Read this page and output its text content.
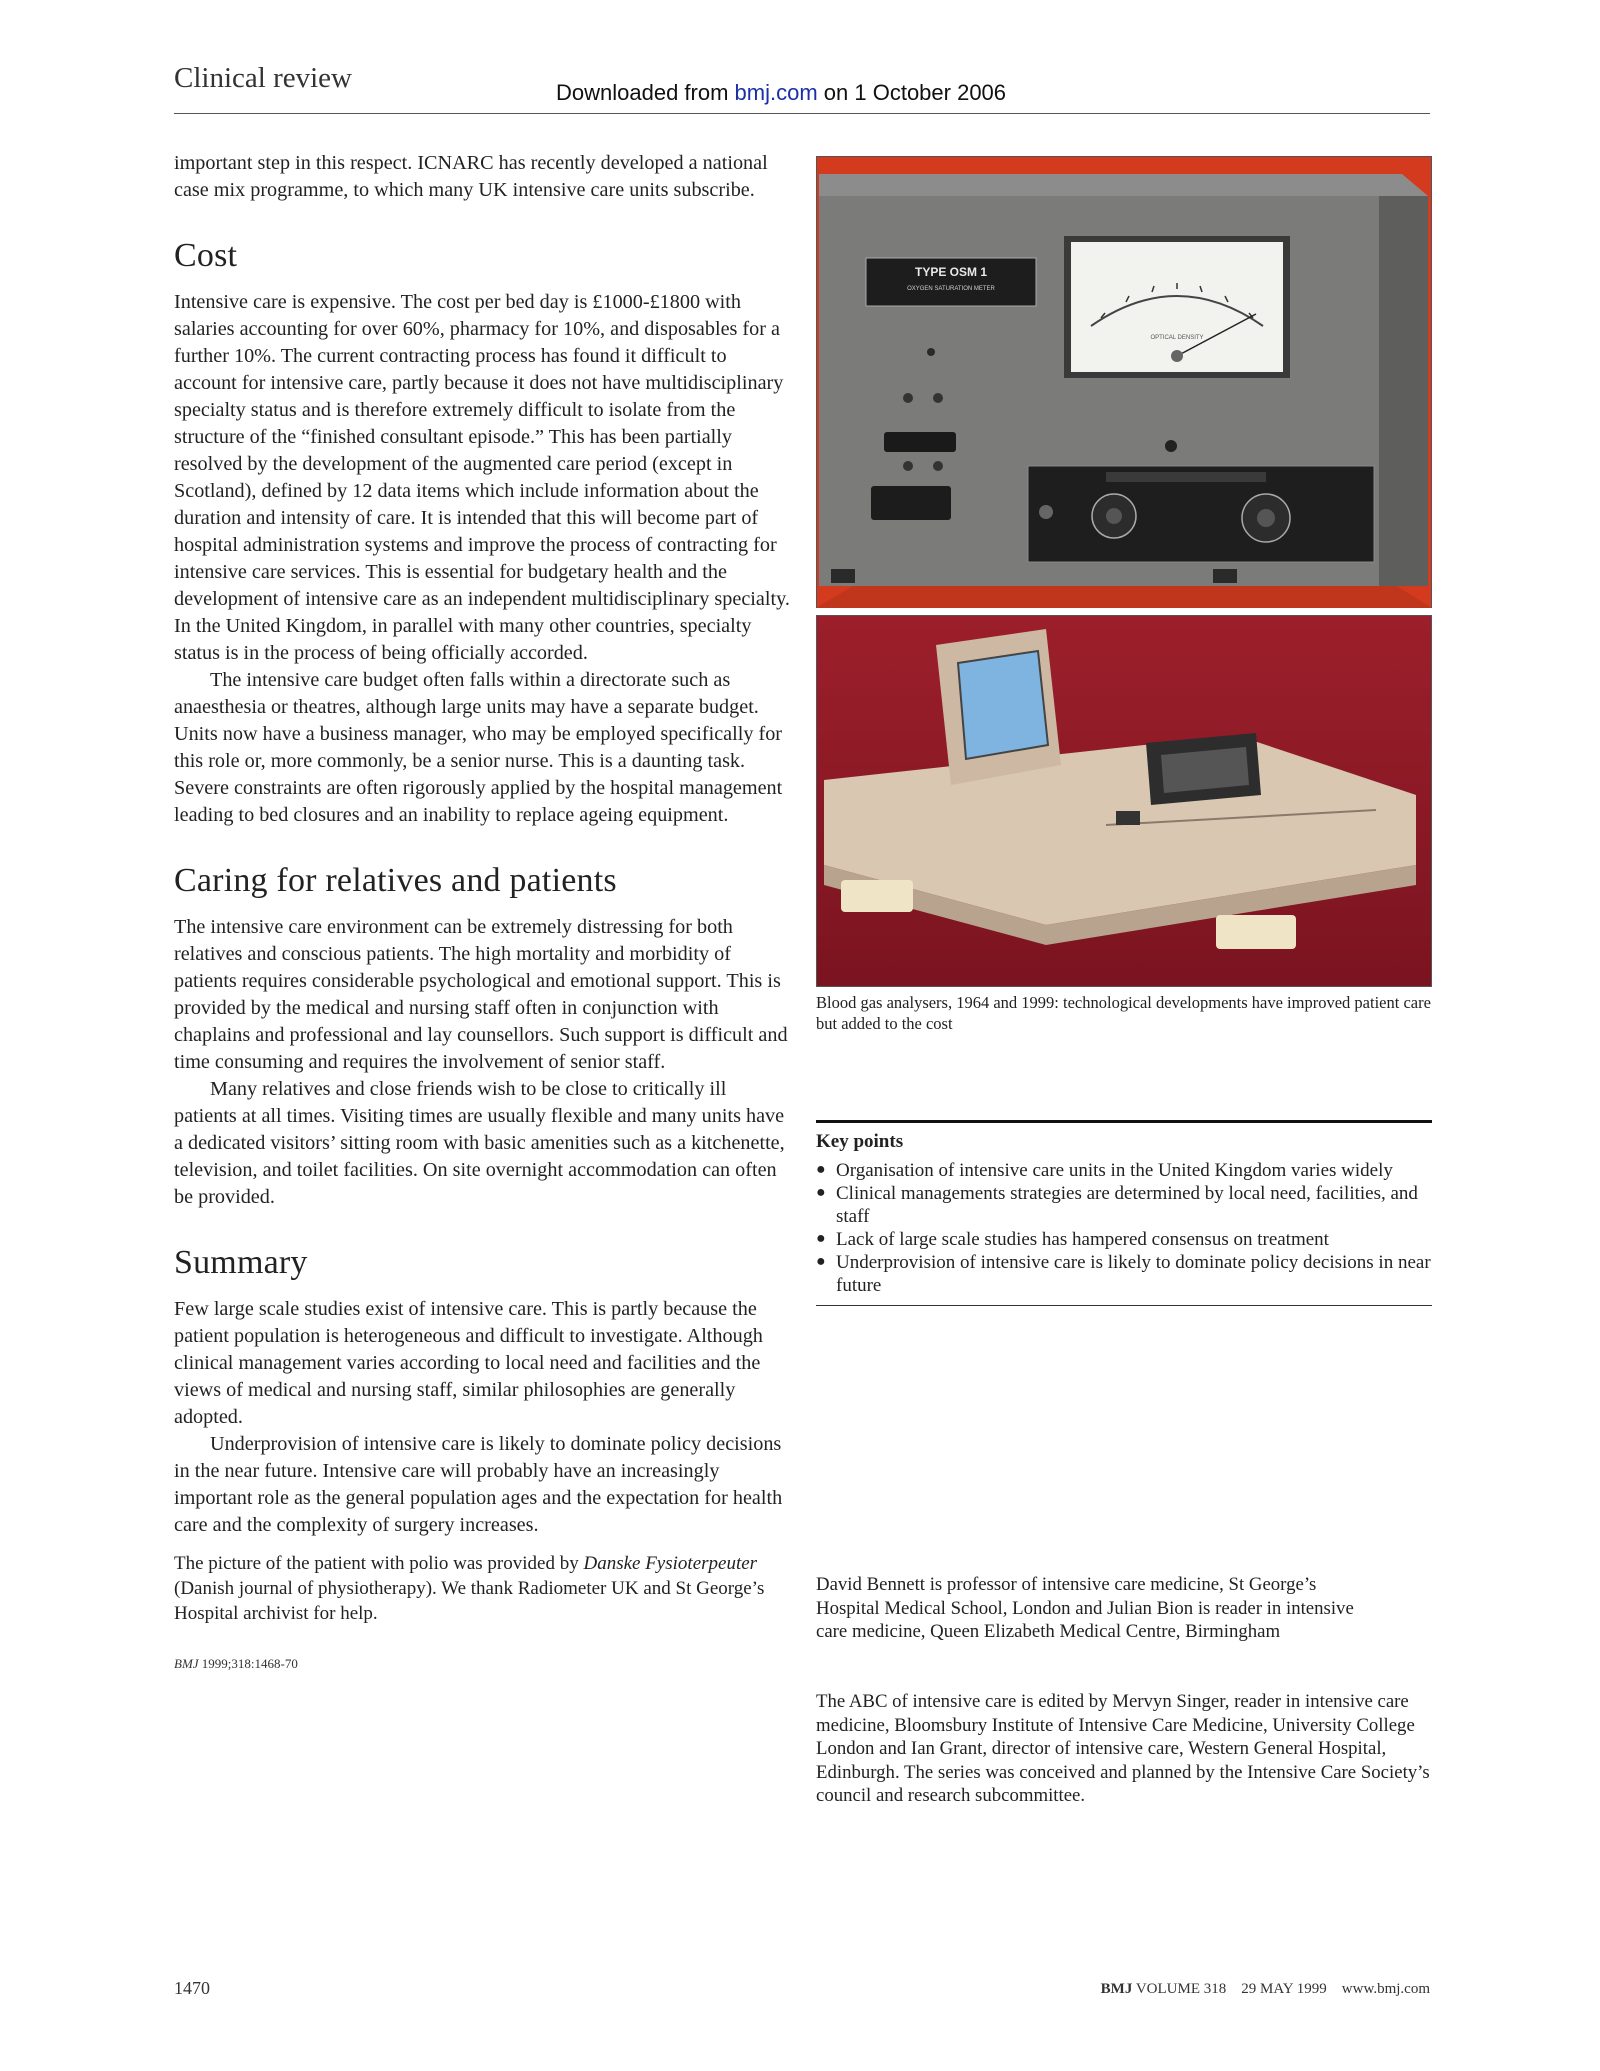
Clinical review	Downloaded from bmj.com on 1 October 2006

important step in this respect. ICNARC has recently developed a national case mix programme, to which many UK intensive care units subscribe.

Cost

Intensive care is expensive. The cost per bed day is £1000-£1800 with salaries accounting for over 60%, pharmacy for 10%, and disposables for a further 10%. The current contracting process has found it difficult to account for intensive care, partly because it does not have multidisciplinary specialty status and is therefore extremely difficult to isolate from the structure of the “finished consultant episode.” This has been partially resolved by the development of the augmented care period (except in Scotland), defined by 12 data items which include information about the duration and intensity of care. It is intended that this will become part of hospital administration systems and improve the process of contracting for intensive care services. This is essential for budgetary health and the development of intensive care as an independent multidisciplinary specialty. In the United Kingdom, in parallel with many other countries, specialty status is in the process of being officially accorded.

The intensive care budget often falls within a directorate such as anaesthesia or theatres, although large units may have a separate budget. Units now have a business manager, who may be employed specifically for this role or, more commonly, be a senior nurse. This is a daunting task. Severe constraints are often rigorously applied by the hospital management leading to bed closures and an inability to replace ageing equipment.

Caring for relatives and patients

The intensive care environment can be extremely distressing for both relatives and conscious patients. The high mortality and morbidity of patients requires considerable psychological and emotional support. This is provided by the medical and nursing staff often in conjunction with chaplains and professional and lay counsellors. Such support is difficult and time consuming and requires the involvement of senior staff.

Many relatives and close friends wish to be close to critically ill patients at all times. Visiting times are usually flexible and many units have a dedicated visitors’ sitting room with basic amenities such as a kitchenette, television, and toilet facilities. On site overnight accommodation can often be provided.

Summary

Few large scale studies exist of intensive care. This is partly because the patient population is heterogeneous and difficult to investigate. Although clinical management varies according to local need and facilities and the views of medical and nursing staff, similar philosophies are generally adopted.

Underprovision of intensive care is likely to dominate policy decisions in the near future. Intensive care will probably have an increasingly important role as the general population ages and the expectation for health care and the complexity of surgery increases.

The picture of the patient with polio was provided by Danske Fysioterpeuter (Danish journal of physiotherapy). We thank Radiometer UK and St George’s Hospital archivist for help.

BMJ 1999;318:1468-70
TYPE OSM 1
OXYGEN SATURATION METER
OPTICAL DENSITY

Blood gas analysers, 1964 and 1999: technological developments have improved patient care but added to the cost

Key points
● Organisation of intensive care units in the United Kingdom varies widely
● Clinical managements strategies are determined by local need, facilities, and staff
● Lack of large scale studies has hampered consensus on treatment
● Underprovision of intensive care is likely to dominate policy decisions in near future

David Bennett is professor of intensive care medicine, St George’s Hospital Medical School, London and Julian Bion is reader in intensive care medicine, Queen Elizabeth Medical Centre, Birmingham

The ABC of intensive care is edited by Mervyn Singer, reader in intensive care medicine, Bloomsbury Institute of Intensive Care Medicine, University College London and Ian Grant, director of intensive care, Western General Hospital, Edinburgh. The series was conceived and planned by the Intensive Care Society’s council and research subcommittee.

1470	BMJ VOLUME 318    29 MAY 1999    www.bmj.com
